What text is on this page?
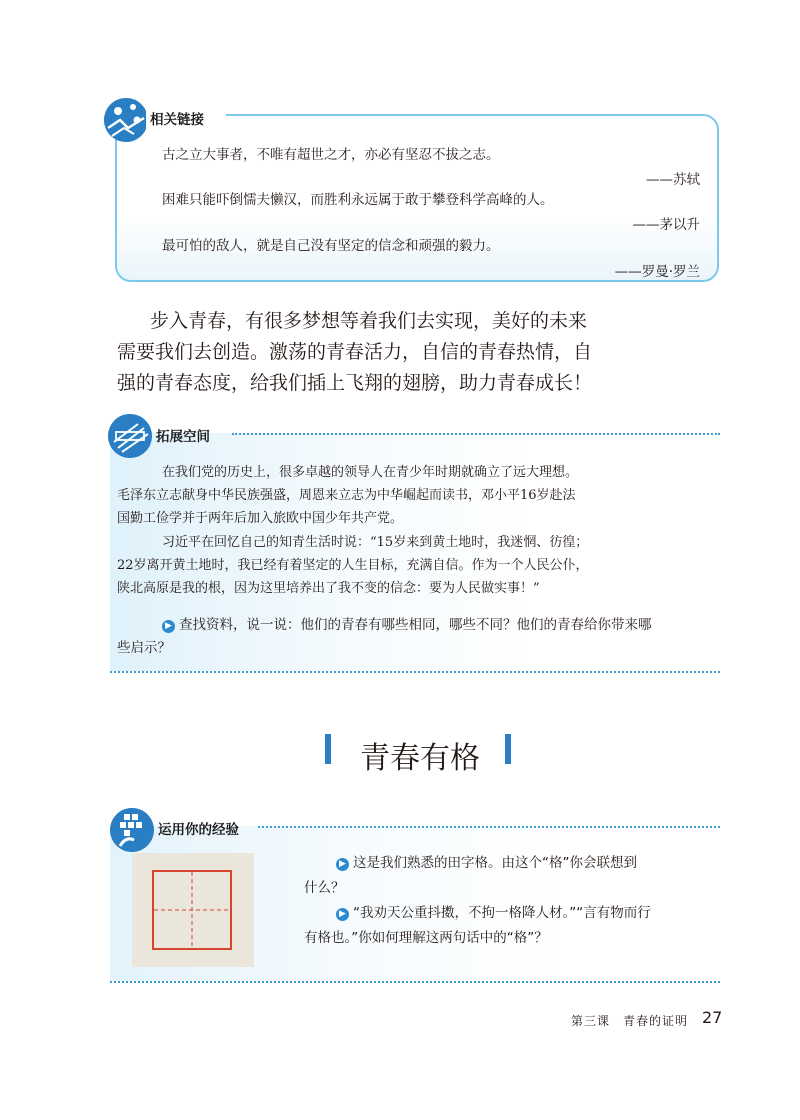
相关链接
古之立大事者，不唯有超世之才，亦必有坚忍不拔之志。
——苏轼
困难只能吓倒懦夫懒汉，而胜利永远属于敢于攀登科学高峰的人。
——茅以升
最可怕的敌人，就是自己没有坚定的信念和顽强的毅力。
——罗曼·罗兰
步入青春，有很多梦想等着我们去实现，美好的未来
需要我们去创造。激荡的青春活力，自信的青春热情，自
强的青春态度，给我们插上飞翔的翅膀，助力青春成长！
拓展空间
在我们党的历史上，很多卓越的领导人在青少年时期就确立了远大理想。
毛泽东立志献身中华民族强盛，周恩来立志为中华崛起而读书，邓小平16岁赴法
国勤工俭学并于两年后加入旅欧中国少年共产党。
习近平在回忆自己的知青生活时说：“15岁来到黄土地时，我迷惘、彷徨；
22岁离开黄土地时，我已经有着坚定的人生目标，充满自信。作为一个人民公仆，
陕北高原是我的根，因为这里培养出了我不变的信念：要为人民做实事！”
▶ 查找资料，说一说：他们的青春有哪些相同，哪些不同？他们的青春给你带来哪
些启示？
青春有格
运用你的经验
▶ 这是我们熟悉的田字格。由这个“格”你会联想到
什么？
▶ “我劝天公重抖擞，不拘一格降人材。”“言有物而行
有格也。”你如何理解这两句话中的“格”？
第三课　青春的证明 27
